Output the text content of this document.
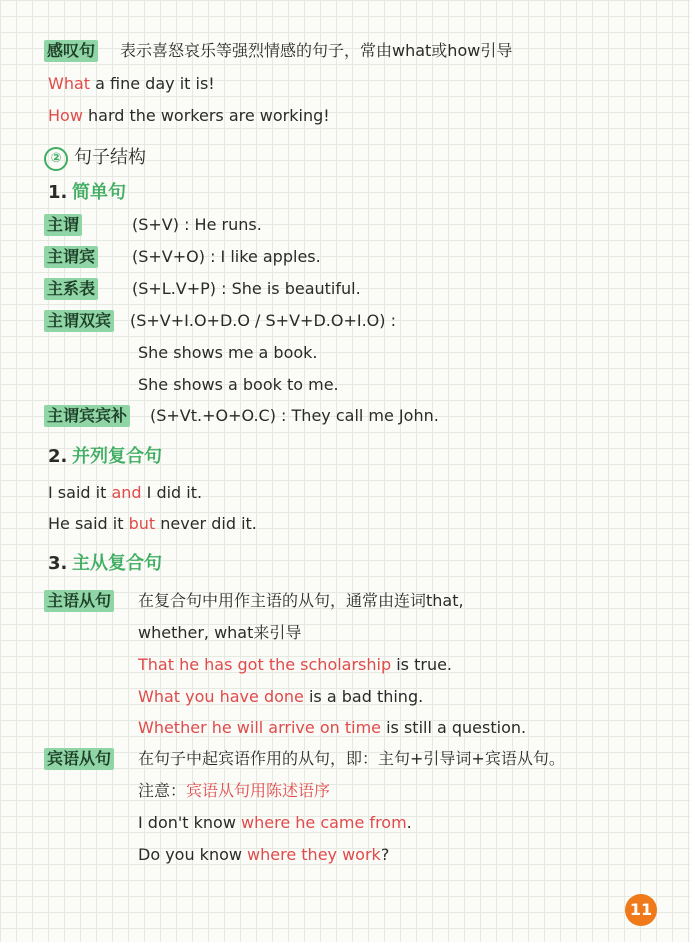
感叹句 表示喜怒哀乐等强烈情感的句子，常由what或how引导
What a fine day it is!
How hard the workers are working!
② 句子结构
1. 简单句
主谓	(S+V) : He runs.
主谓宾 (S+V+O) : I like apples.
主系表 (S+L.V+P) : She is beautiful.
主谓双宾 (S+V+I.O+D.O / S+V+D.O+I.O) :
She shows me a book.
She shows a book to me.
主谓宾宾补 (S+Vt.+O+O.C) : They call me John.
2. 并列复合句
I said it and I did it.
He said it but never did it.
3. 主从复合句
主语从句 在复合句中用作主语的从句，通常由连词that,
whether, what来引导
That he has got the scholarship is true.
What you have done is a bad thing.
Whether he will arrive on time is still a question.
宾语从句 在句子中起宾语作用的从句，即：主句+引导词+宾语从句。
注意：宾语从句用陈述语序
I don't know where he came from.
Do you know where they work?
11
